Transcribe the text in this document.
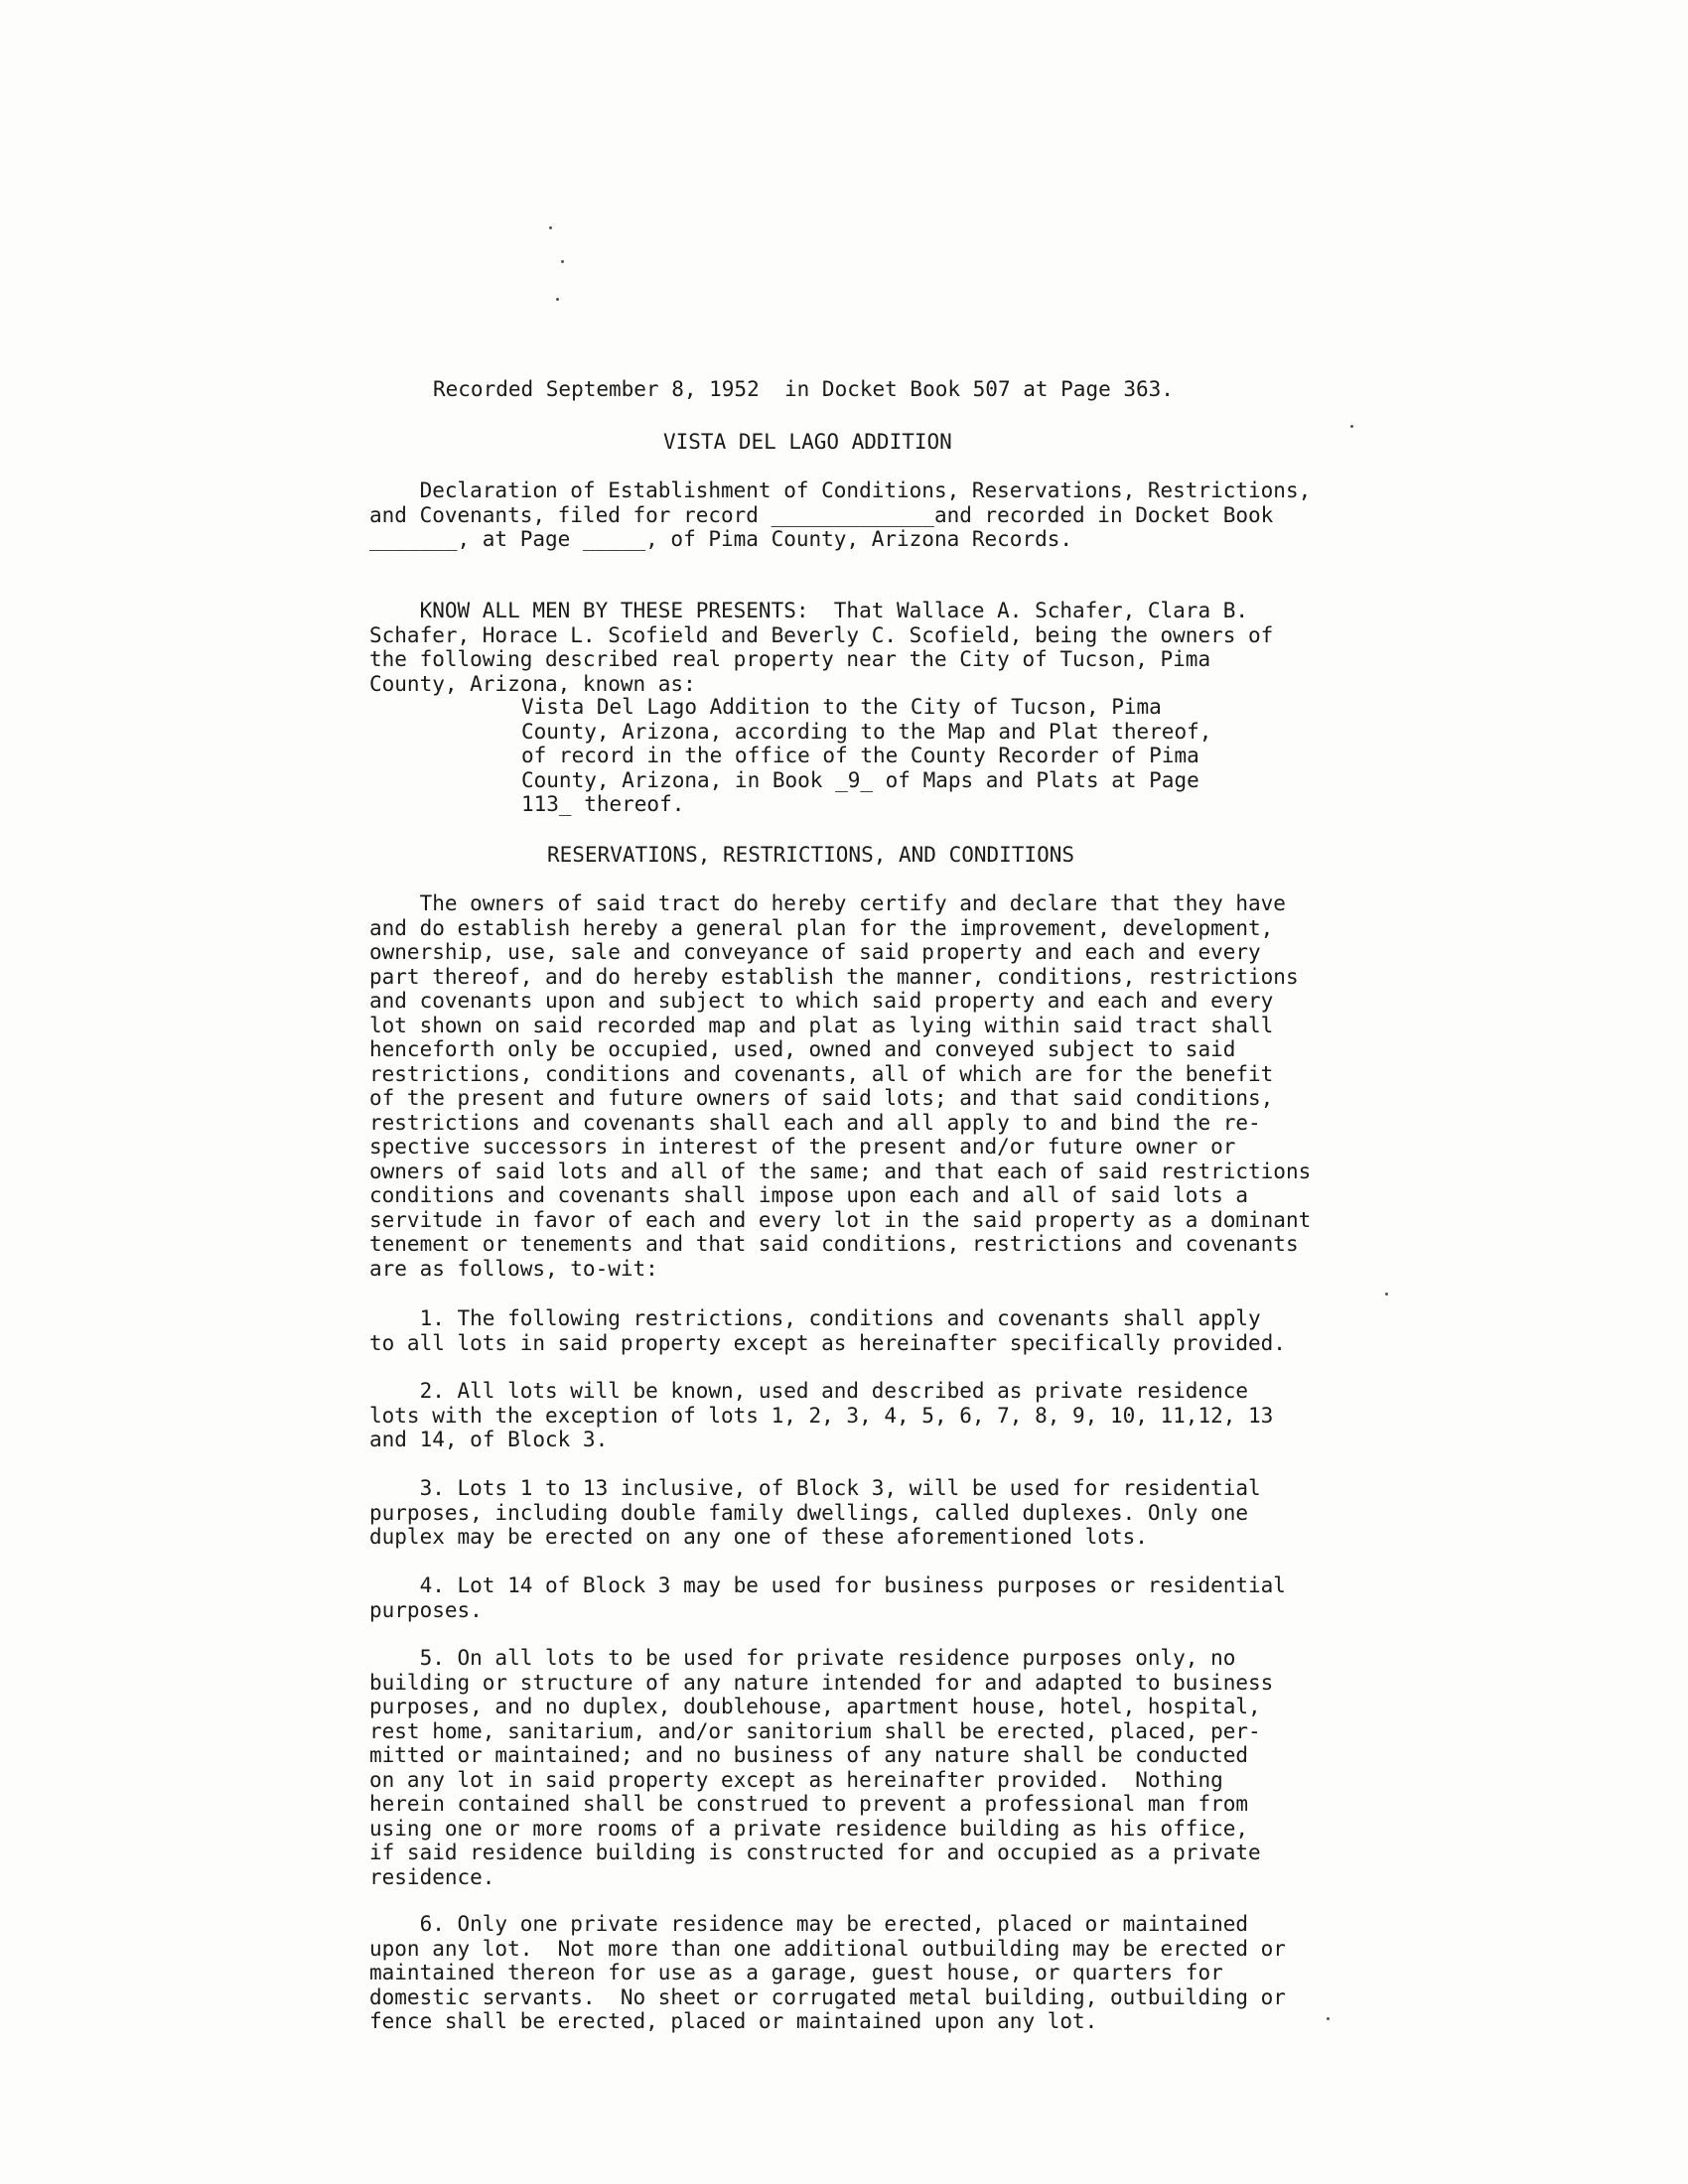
Recorded September 8, 1952  in Docket Book 507 at Page 363.
VISTA DEL LAGO ADDITION
Declaration of Establishment of Conditions, Reservations, Restrictions,
and Covenants, filed for record _____________and recorded in Docket Book
_______, at Page _____, of Pima County, Arizona Records.
KNOW ALL MEN BY THESE PRESENTS:  That Wallace A. Schafer, Clara B.
Schafer, Horace L. Scofield and Beverly C. Scofield, being the owners of
the following described real property near the City of Tucson, Pima
County, Arizona, known as:
Vista Del Lago Addition to the City of Tucson, Pima
County, Arizona, according to the Map and Plat thereof,
of record in the office of the County Recorder of Pima
County, Arizona, in Book _9_ of Maps and Plats at Page
113_ thereof.
RESERVATIONS, RESTRICTIONS, AND CONDITIONS
The owners of said tract do hereby certify and declare that they have
and do establish hereby a general plan for the improvement, development,
ownership, use, sale and conveyance of said property and each and every
part thereof, and do hereby establish the manner, conditions, restrictions
and covenants upon and subject to which said property and each and every
lot shown on said recorded map and plat as lying within said tract shall
henceforth only be occupied, used, owned and conveyed subject to said
restrictions, conditions and covenants, all of which are for the benefit
of the present and future owners of said lots; and that said conditions,
restrictions and covenants shall each and all apply to and bind the re-
spective successors in interest of the present and/or future owner or
owners of said lots and all of the same; and that each of said restrictions
conditions and covenants shall impose upon each and all of said lots a
servitude in favor of each and every lot in the said property as a dominant
tenement or tenements and that said conditions, restrictions and covenants
are as follows, to-wit:
1. The following restrictions, conditions and covenants shall apply
to all lots in said property except as hereinafter specifically provided.
2. All lots will be known, used and described as private residence
lots with the exception of lots 1, 2, 3, 4, 5, 6, 7, 8, 9, 10, 11,12, 13
and 14, of Block 3.
3. Lots 1 to 13 inclusive, of Block 3, will be used for residential
purposes, including double family dwellings, called duplexes. Only one
duplex may be erected on any one of these aforementioned lots.
4. Lot 14 of Block 3 may be used for business purposes or residential
purposes.
5. On all lots to be used for private residence purposes only, no
building or structure of any nature intended for and adapted to business
purposes, and no duplex, doublehouse, apartment house, hotel, hospital,
rest home, sanitarium, and/or sanitorium shall be erected, placed, per-
mitted or maintained; and no business of any nature shall be conducted
on any lot in said property except as hereinafter provided.  Nothing
herein contained shall be construed to prevent a professional man from
using one or more rooms of a private residence building as his office,
if said residence building is constructed for and occupied as a private
residence.
6. Only one private residence may be erected, placed or maintained
upon any lot.  Not more than one additional outbuilding may be erected or
maintained thereon for use as a garage, guest house, or quarters for
domestic servants.  No sheet or corrugated metal building, outbuilding or
fence shall be erected, placed or maintained upon any lot.
